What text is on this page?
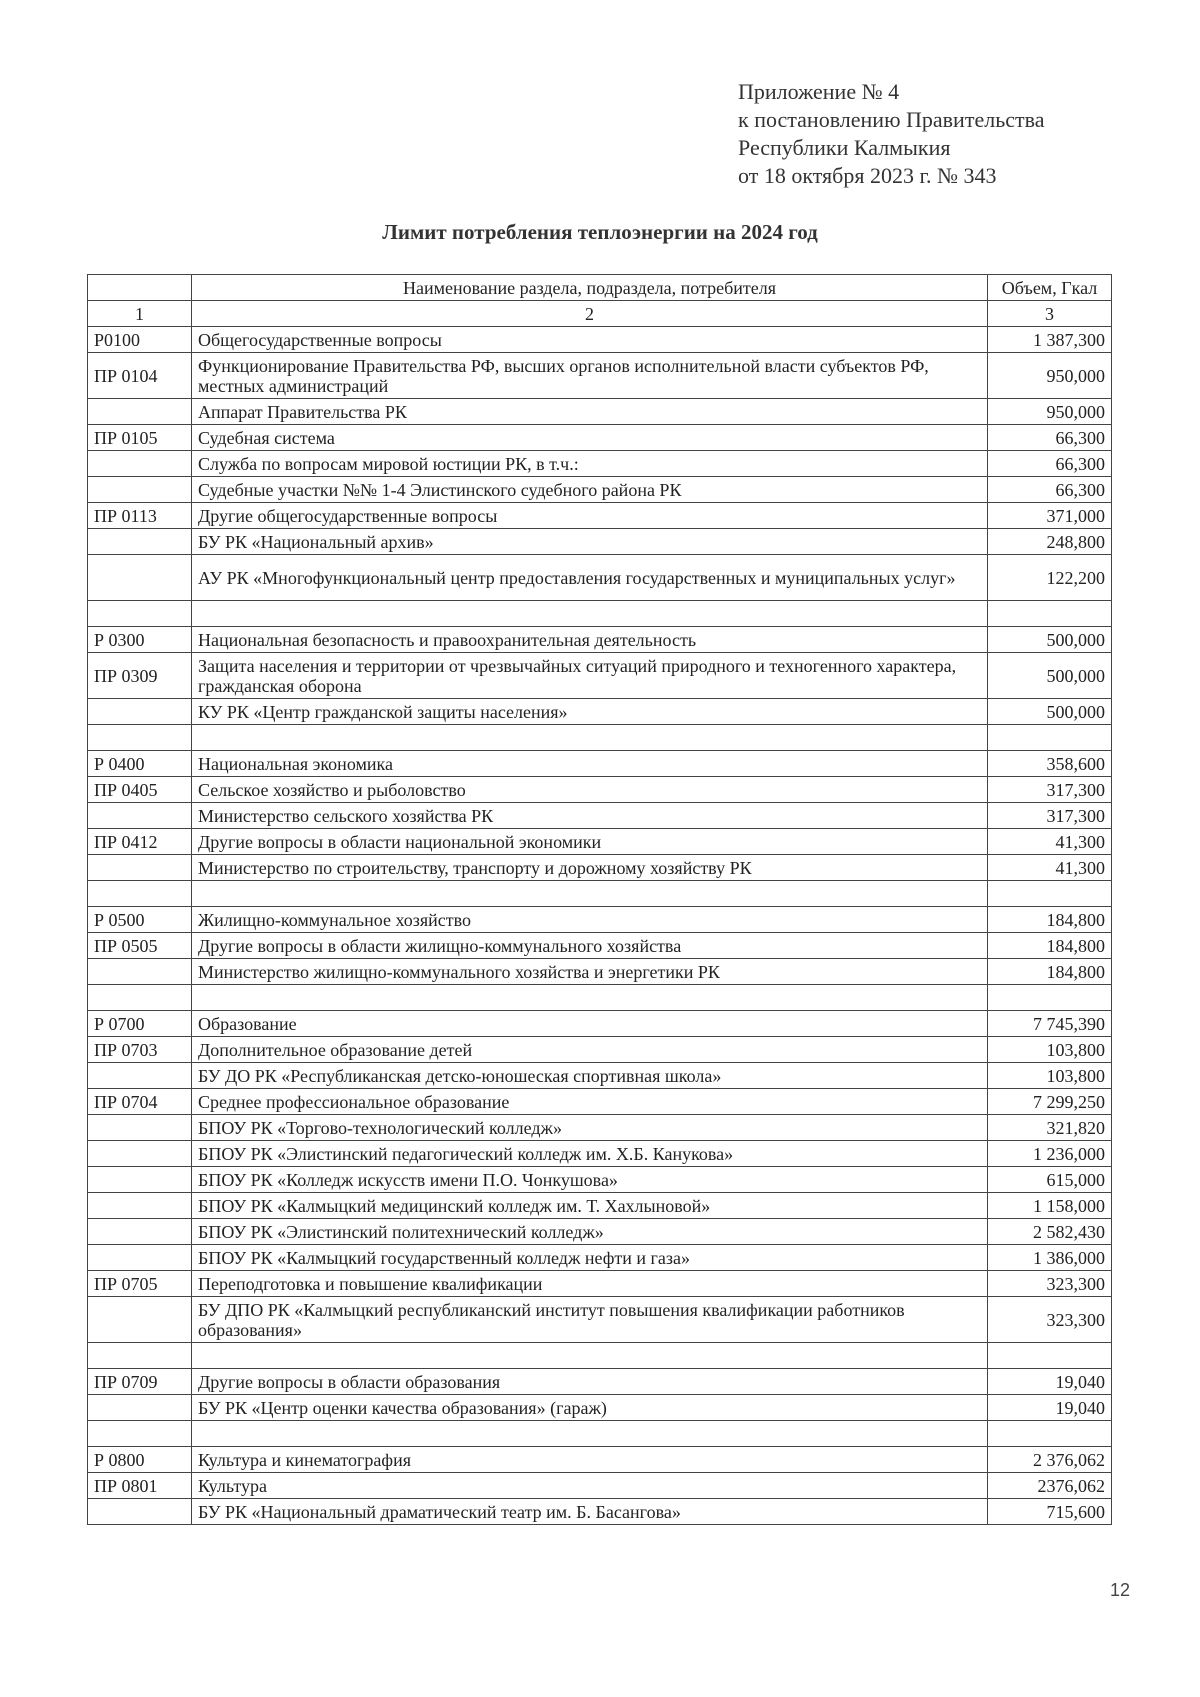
Приложение № 4
к постановлению Правительства
Республики Калмыкия
от 18 октября 2023 г. № 343
Лимит потребления теплоэнергии на 2024 год
	Наименование раздела, подраздела, потребителя	Объем, Гкал
1	2	3
Р0100	Общегосударственные вопросы	1 387,300
ПР 0104	Функционирование Правительства РФ, высших органов исполнительной власти субъектов РФ, местных администраций	950,000
	Аппарат Правительства РК	950,000
ПР 0105	Судебная система	66,300
	Служба по вопросам мировой юстиции РК, в т.ч.:	66,300
	Судебные участки №№ 1-4 Элистинского судебного района РК	66,300
ПР 0113	Другие общегосударственные вопросы	371,000
	БУ РК «Национальный архив»	248,800
	АУ РК «Многофункциональный центр предоставления государственных и муниципальных услуг»	122,200

Р 0300	Национальная безопасность и правоохранительная деятельность	500,000
ПР 0309	Защита населения и территории от чрезвычайных ситуаций природного и техногенного характера, гражданская оборона	500,000
	КУ РК «Центр гражданской защиты населения»	500,000

Р 0400	Национальная экономика	358,600
ПР 0405	Сельское хозяйство и рыболовство	317,300
	Министерство сельского хозяйства РК	317,300
ПР 0412	Другие вопросы в области национальной экономики	41,300
	Министерство по строительству, транспорту и дорожному хозяйству РК	41,300

Р 0500	Жилищно-коммунальное хозяйство	184,800
ПР 0505	Другие вопросы в области жилищно-коммунального хозяйства	184,800
	Министерство жилищно-коммунального хозяйства и энергетики РК	184,800

Р 0700	Образование	7 745,390
ПР 0703	Дополнительное образование детей	103,800
	БУ ДО РК «Республиканская детско-юношеская спортивная школа»	103,800
ПР 0704	Среднее профессиональное образование	7 299,250
	БПОУ РК «Торгово-технологический колледж»	321,820
	БПОУ РК «Элистинский педагогический колледж им. Х.Б. Канукова»	1 236,000
	БПОУ РК «Колледж искусств имени П.О. Чонкушова»	615,000
	БПОУ РК «Калмыцкий медицинский колледж им. Т. Хахлыновой»	1 158,000
	БПОУ РК «Элистинский политехнический колледж»	2 582,430
	БПОУ РК «Калмыцкий государственный колледж нефти и газа»	1 386,000
ПР 0705	Переподготовка и повышение квалификации	323,300
	БУ ДПО РК «Калмыцкий республиканский институт повышения квалификации работников образования»	323,300

ПР 0709	Другие вопросы в области образования	19,040
	БУ РК «Центр оценки качества образования» (гараж)	19,040

Р 0800	Культура и кинематография	2 376,062
ПР 0801	Культура	2376,062
	БУ РК «Национальный драматический театр им. Б. Басангова»	715,600
12
